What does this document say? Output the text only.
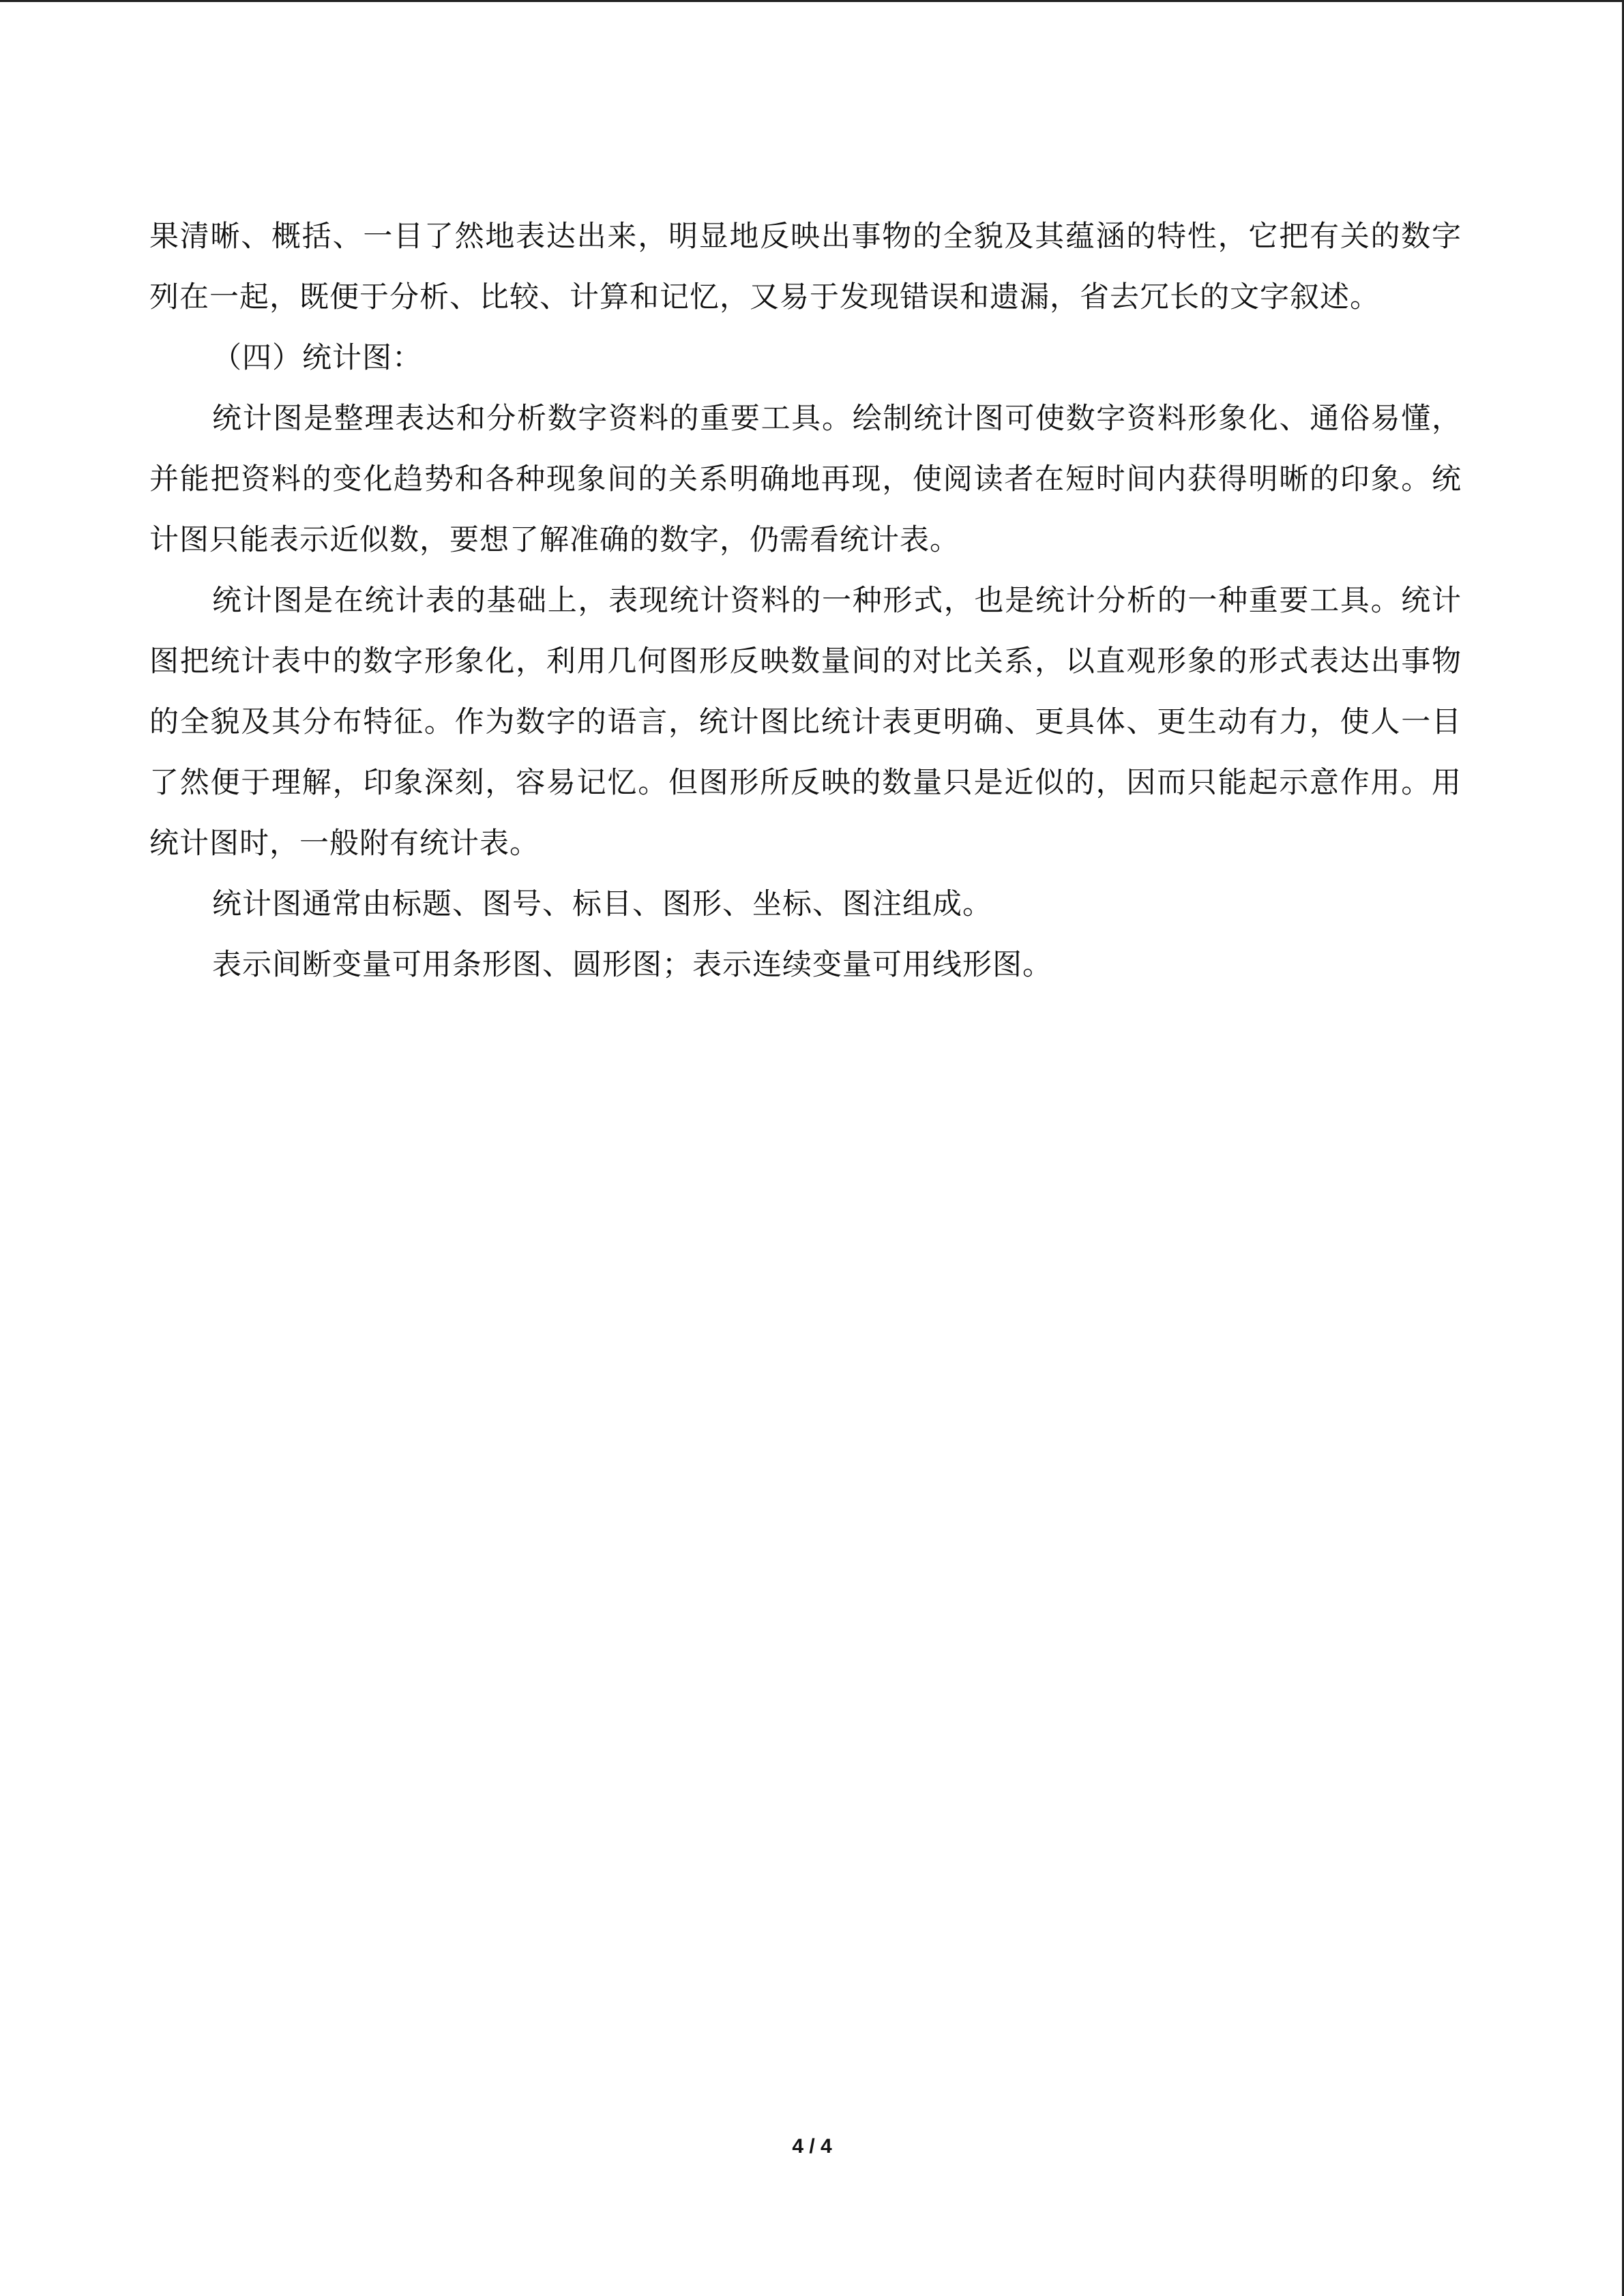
果清晰、概括、一目了然地表达出来，明显地反映出事物的全貌及其蕴涵的特性，它把有关的数字列在一起，既便于分析、比较、计算和记忆，又易于发现错误和遗漏，省去冗长的文字叙述。

（四）统计图：

统计图是整理表达和分析数字资料的重要工具。绘制统计图可使数字资料形象化、通俗易懂，并能把资料的变化趋势和各种现象间的关系明确地再现，使阅读者在短时间内获得明晰的印象。统计图只能表示近似数，要想了解准确的数字，仍需看统计表。

统计图是在统计表的基础上，表现统计资料的一种形式，也是统计分析的一种重要工具。统计图把统计表中的数字形象化，利用几何图形反映数量间的对比关系，以直观形象的形式表达出事物的全貌及其分布特征。作为数字的语言，统计图比统计表更明确、更具体、更生动有力，使人一目了然便于理解，印象深刻，容易记忆。但图形所反映的数量只是近似的，因而只能起示意作用。用统计图时，一般附有统计表。

统计图通常由标题、图号、标目、图形、坐标、图注组成。

表示间断变量可用条形图、圆形图；表示连续变量可用线形图。

4 / 4
